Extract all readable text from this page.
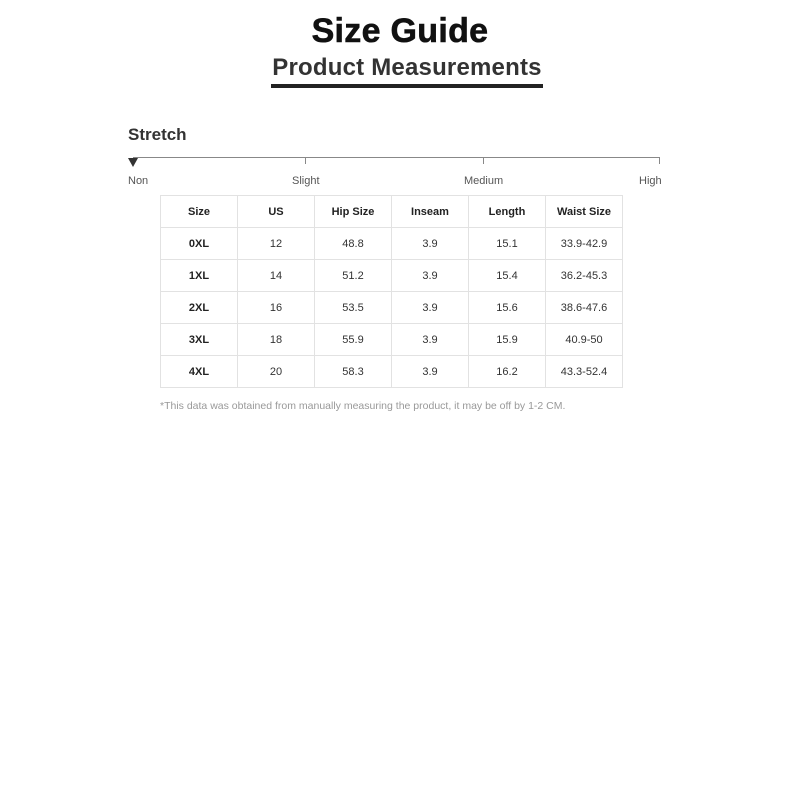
Size Guide
Product Measurements
Stretch
Non	Slight	Medium	High
Size	US	Hip Size	Inseam	Length	Waist Size
0XL	12	48.8	3.9	15.1	33.9-42.9
1XL	14	51.2	3.9	15.4	36.2-45.3
2XL	16	53.5	3.9	15.6	38.6-47.6
3XL	18	55.9	3.9	15.9	40.9-50
4XL	20	58.3	3.9	16.2	43.3-52.4
*This data was obtained from manually measuring the product, it may be off by 1-2 CM.
